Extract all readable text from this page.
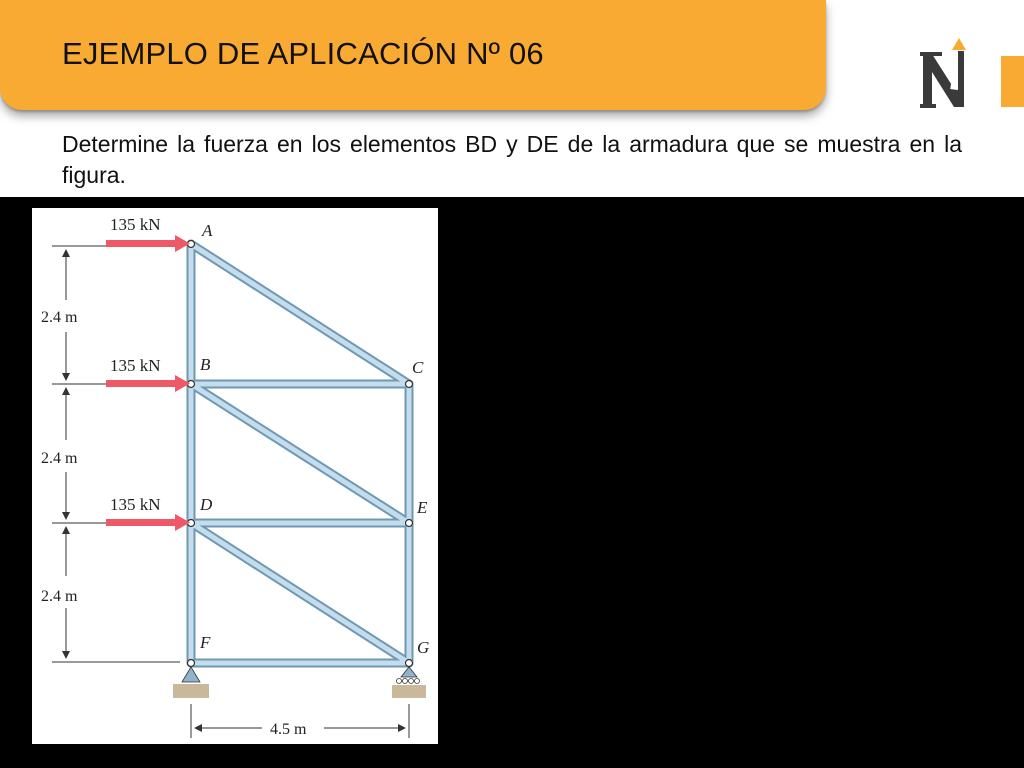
EJEMPLO DE APLICACIÓN Nº 06

Determine la fuerza en los elementos BD y DE de la armadura que se muestra en la figura.

135 kN
135 kN
135 kN
A
B	C
D	E
F	G
2.4 m
2.4 m
2.4 m
4.5 m
